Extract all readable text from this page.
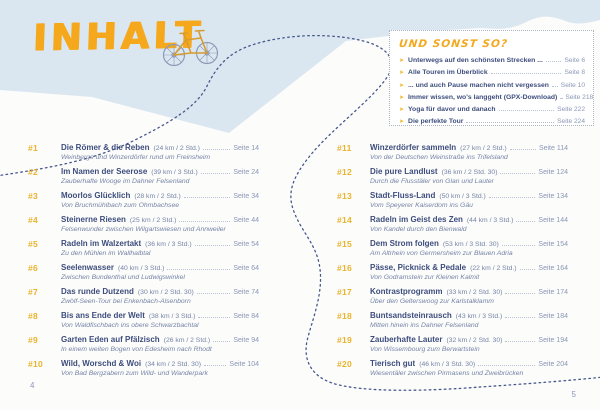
INHALT	UND SONST SO?
➤ Unterwegs auf den schönsten Strecken ...	Seite 6
➤ Alle Touren im Überblick	Seite 8
➤ ... und auch Pause machen nicht vergessen Seite 10
➤ Immer wissen, wo's langgeht (GPX-Download) Seite 218
➤ Yoga für davor und danach	Seite 222
➤ Die perfekte Tour	Seite 224
#1	Die Römer & die Reben (24 km / 2 Std.)	Seite 14
Weinberge und Winzerdörfer rund um Freinsheim
#2	Im Namen der Seerose (39 km / 3 Std.)	Seite 24
Zauberhafte Wooge im Dahner Felsenland
#3	Moorlos Glücklich (28 km / 2 Std.)	Seite 34
Von Bruchmühlbach zum Ohmbachsee
#4	Steinerne Riesen (25 km / 2 Std.)	Seite 44
Felsenwunder zwischen Wilgartswiesen und Annweiler
#5	Radeln im Walzertakt (36 km / 3 Std.)	Seite 54
Zu den Mühlen im Wallhalbtal
#6	Seelenwasser (40 km / 3 Std.)	Seite 64
Zwischen Bundenthal und Ludwigswinkel
#7	Das runde Dutzend (30 km / 2 Std. 30)	Seite 74
Zwölf-Seen-Tour bei Enkenbach-Alsenborn
#8	Bis ans Ende der Welt (38 km / 3 Std.)	Seite 84
Von Waldfischbach ins obere Schwarzbachtal
#9	Garten Eden auf Pfälzisch (26 km / 2 Std.)	Seite 94
In einem weiten Bogen von Edesheim nach Rhodt
#10	Wild, Worschd & Woi (34 km / 2 Std. 30)	Seite 104
Von Bad Bergzabern zum Wild- und Wanderpark
#11	Winzerdörfer sammeln (27 km / 2 Std.)	Seite 114
Von der Deutschen Weinstraße ins Trifelsland
#12	Die pure Landlust (36 km / 2 Std. 30)	Seite 124
Durch die Flusstäler von Glan und Lauter
#13	Stadt-Fluss-Land (50 km / 3 Std.)	Seite 134
Vom Speyerer Kaiserdom ins Gäu
#14	Radeln im Geist des Zen (44 km / 3 Std.)	Seite 144
Von Kandel durch den Bienwald
#15	Dem Strom folgen (53 km / 3 Std. 30)	Seite 154
Am Altrhein von Germersheim zur Blauen Adria
#16	Pässe, Picknick & Pedale (22 km / 2 Std.)	Seite 164
Von Godramstein zur Kleinen Kalmit
#17	Kontrastprogramm (33 km / 2 Std. 30)	Seite 174
Über den Gelterswoog zur Karlstalklamm
#18	Buntsandsteinrausch (43 km / 3 Std.)	Seite 184
Mitten hinein ins Dahner Felsenland
#19	Zauberhafte Lauter (32 km / 2 Std. 30)	Seite 194
Von Wissembourg zum Berwartstein
#20	Tierisch gut (46 km / 3 Std. 30)	Seite 204
Wiesentäler zwischen Pirmasens und Zweibrücken
4
5
